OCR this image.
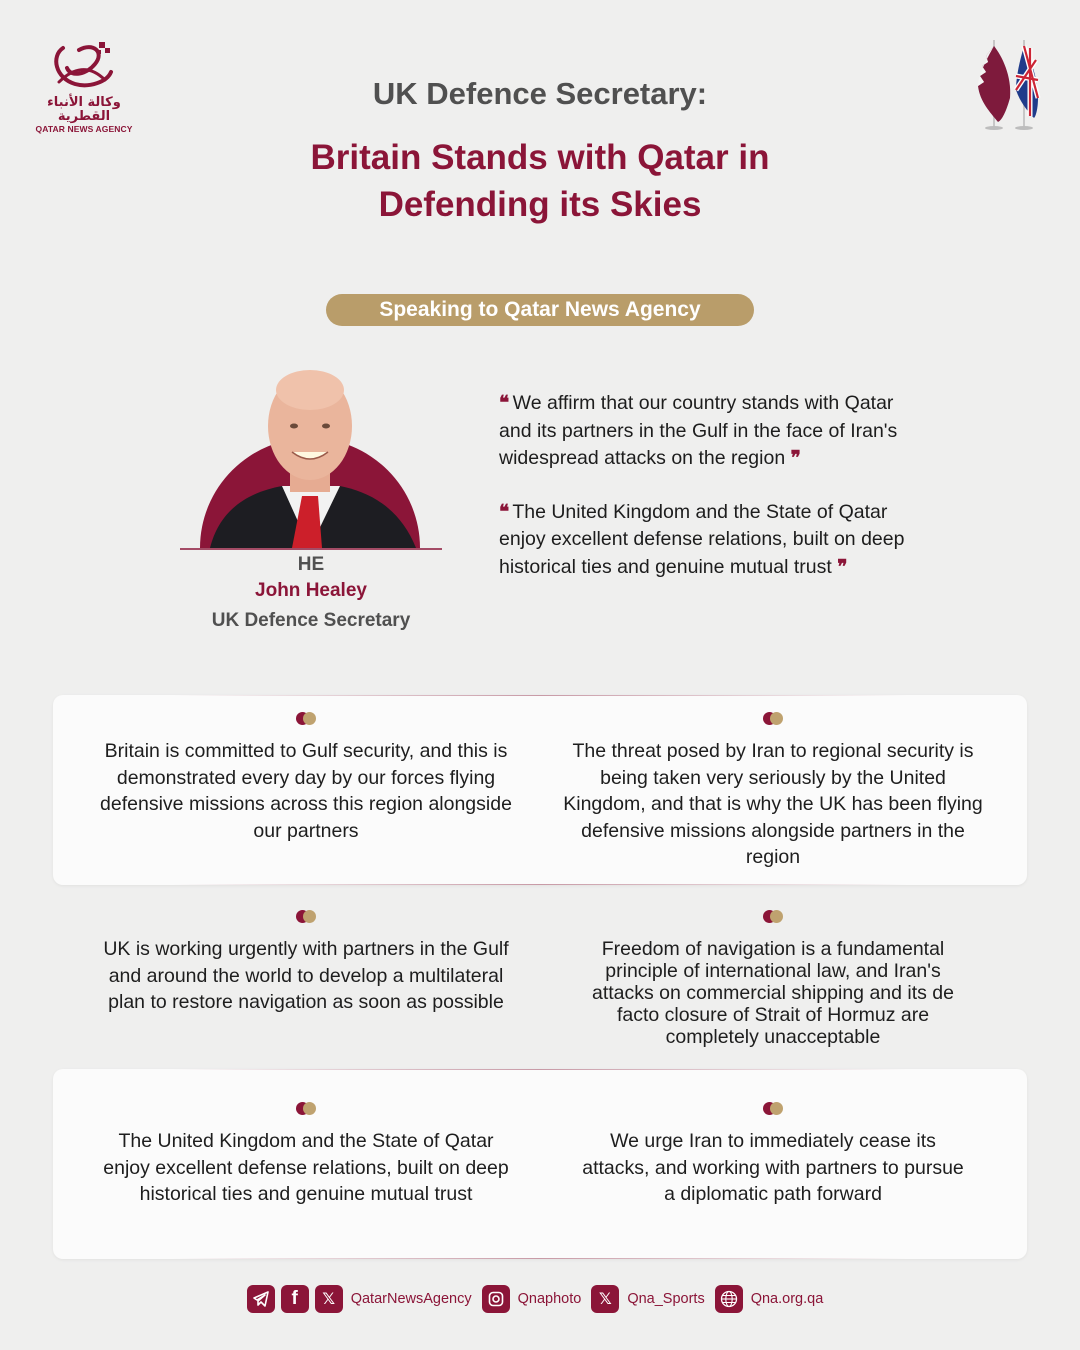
وكالة الأنباء القطرية
QATAR NEWS AGENCY
UK Defence Secretary:
Britain Stands with Qatar in
Defending its Skies
Speaking to Qatar News Agency
HE
John Healey
UK Defence Secretary
❝ We affirm that our country stands with Qatar and its partners in the Gulf in the face of Iran's widespread attacks on the region ❞
❝ The United Kingdom and the State of Qatar enjoy excellent defense relations, built on deep historical ties and genuine mutual trust ❞
Britain is committed to Gulf security, and this is demonstrated every day by our forces flying defensive missions across this region alongside our partners
The threat posed by Iran to regional security is being taken very seriously by the United Kingdom, and that is why the UK has been flying defensive missions alongside partners in the region
UK is working urgently with partners in the Gulf and around the world to develop a multilateral plan to restore navigation as soon as possible
Freedom of navigation is a fundamental principle of international law, and Iran's attacks on commercial shipping and its de facto closure of Strait of Hormuz are completely unacceptable
The United Kingdom and the State of Qatar enjoy excellent defense relations, built on deep historical ties and genuine mutual trust
We urge Iran to immediately cease its attacks, and working with partners to pursue a diplomatic path forward
f	𝕏	QatarNewsAgency	Qnaphoto	𝕏	Qna_Sports	Qna.org.qa
